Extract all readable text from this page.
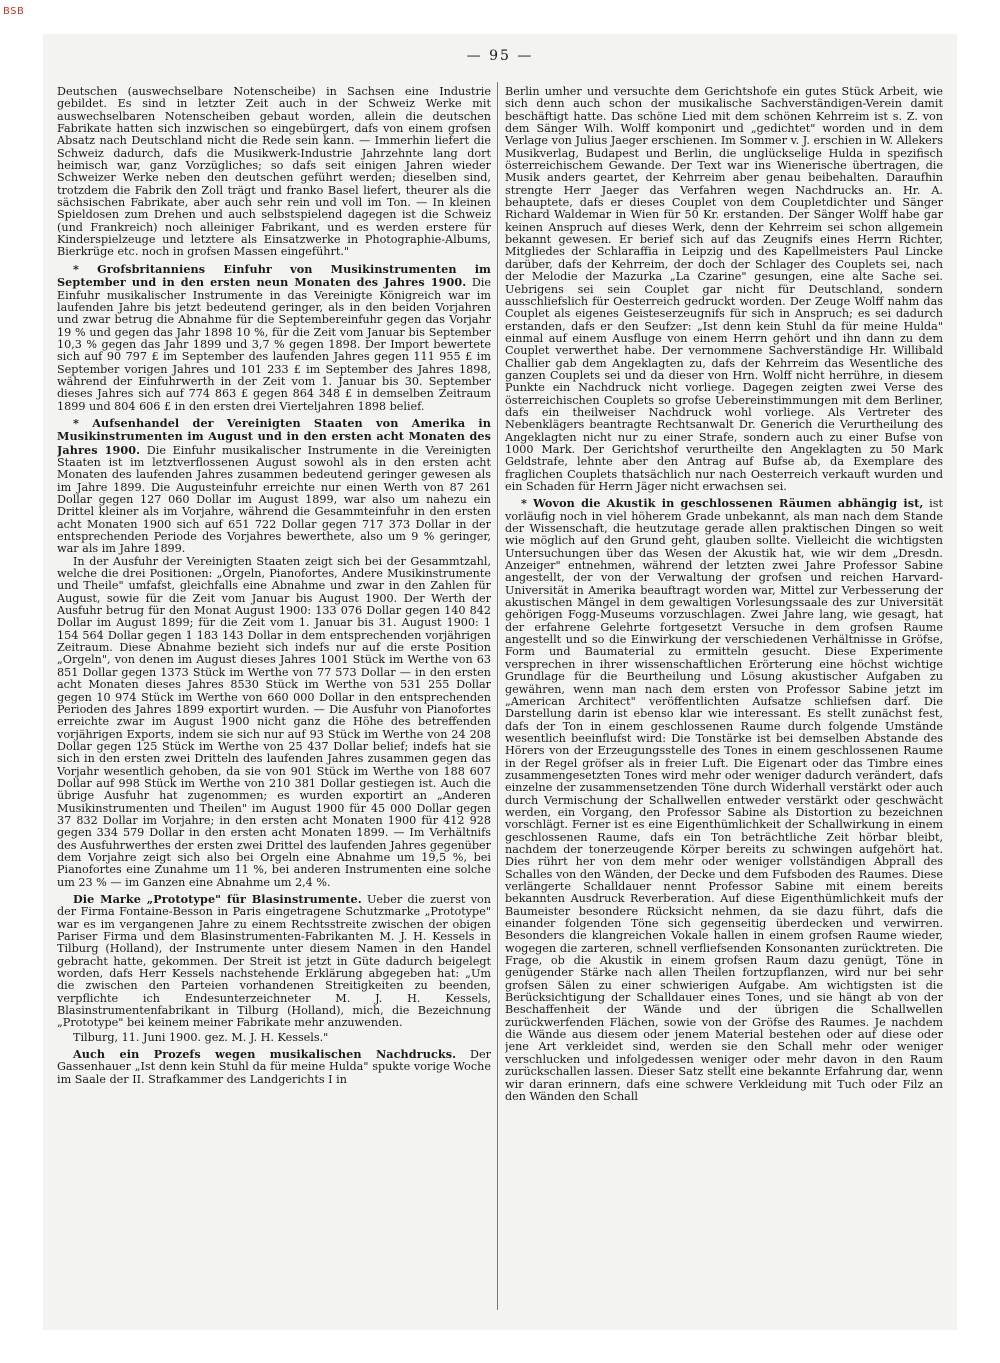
BSB
— 95 —

Deutschen (auswechselbare Notenscheibe) in Sachsen eine Industrie gebildet. Es sind in letzter Zeit auch in der Schweiz Werke mit auswechselbaren Notenscheiben gebaut worden, allein die deutschen Fabrikate hatten sich inzwischen so eingebürgert, dafs von einem grofsen Absatz nach Deutschland nicht die Rede sein kann. — Immerhin liefert die Schweiz dadurch, dafs die Musikwerk-Industrie Jahrzehnte lang dort heimisch war, ganz Vorzügliches; so dafs seit einigen Jahren wieder Schweizer Werke neben den deutschen geführt werden; dieselben sind, trotzdem die Fabrik den Zoll trägt und franko Basel liefert, theurer als die sächsischen Fabrikate, aber auch sehr rein und voll im Ton. — In kleinen Spieldosen zum Drehen und auch selbstspielend dagegen ist die Schweiz (und Frankreich) noch alleiniger Fabrikant, und es werden erstere für Kinderspielzeuge und letztere als Einsatzwerke in Photographie-Albums, Bierkrüge etc. noch in grofsen Massen eingeführt."

* Grofsbritanniens Einfuhr von Musikinstrumenten im September und in den ersten neun Monaten des Jahres 1900. Die Einfuhr musikalischer Instrumente in das Vereinigte Königreich war im laufenden Jahre bis jetzt bedeutend geringer, als in den beiden Vorjahren und zwar betrug die Abnahme für die Septembereinfuhr gegen das Vorjahr 19 % und gegen das Jahr 1898 10 %, für die Zeit vom Januar bis September 10,3 % gegen das Jahr 1899 und 3,7 % gegen 1898. Der Import bewertete sich auf 90 797 £ im September des laufenden Jahres gegen 111 955 £ im September vorigen Jahres und 101 233 £ im September des Jahres 1898, während der Einfuhrwerth in der Zeit vom 1. Januar bis 30. September dieses Jahres sich auf 774 863 £ gegen 864 348 £ in demselben Zeitraum 1899 und 804 606 £ in den ersten drei Vierteljahren 1898 belief.

* Aufsenhandel der Vereinigten Staaten von Amerika in Musikinstrumenten im August und in den ersten acht Monaten des Jahres 1900. Die Einfuhr musikalischer Instrumente in die Vereinigten Staaten ist im letztverflossenen August sowohl als in den ersten acht Monaten des laufenden Jahres zusammen bedeutend geringer gewesen als im Jahre 1899. Die Augusteinfuhr erreichte nur einen Werth von 87 261 Dollar gegen 127 060 Dollar im August 1899, war also um nahezu ein Drittel kleiner als im Vorjahre, während die Gesammteinfuhr in den ersten acht Monaten 1900 sich auf 651 722 Dollar gegen 717 373 Dollar in der entsprechenden Periode des Vorjahres bewerthete, also um 9 % geringer, war als im Jahre 1899.

In der Ausfuhr der Vereinigten Staaten zeigt sich bei der Gesammtzahl, welche die drei Positionen: „Orgeln, Pianofortes, Andere Musikinstrumente und Theile" umfafst, gleichfalls eine Abnahme und zwar in den Zahlen für August, sowie für die Zeit vom Januar bis August 1900. Der Werth der Ausfuhr betrug für den Monat August 1900: 133 076 Dollar gegen 140 842 Dollar im August 1899; für die Zeit vom 1. Januar bis 31. August 1900: 1 154 564 Dollar gegen 1 183 143 Dollar in dem entsprechenden vorjährigen Zeitraum. Diese Abnahme bezieht sich indefs nur auf die erste Position „Orgeln", von denen im August dieses Jahres 1001 Stück im Werthe von 63 851 Dollar gegen 1373 Stück im Werthe von 77 573 Dollar — in den ersten acht Monaten dieses Jahres 8530 Stück im Werthe von 531 255 Dollar gegen 10 974 Stück im Werthe von 660 000 Dollar in den entsprechenden Perioden des Jahres 1899 exportirt wurden. — Die Ausfuhr von Pianofortes erreichte zwar im August 1900 nicht ganz die Höhe des betreffenden vorjährigen Exports, indem sie sich nur auf 93 Stück im Werthe von 24 208 Dollar gegen 125 Stück im Werthe von 25 437 Dollar belief; indefs hat sie sich in den ersten zwei Dritteln des laufenden Jahres zusammen gegen das Vorjahr wesentlich gehoben, da sie von 901 Stück im Werthe von 188 607 Dollar auf 998 Stück im Werthe von 210 381 Dollar gestiegen ist. Auch die übrige Ausfuhr hat zugenommen; es wurden exportirt an „Anderen Musikinstrumenten und Theilen" im August 1900 für 45 000 Dollar gegen 37 832 Dollar im Vorjahre; in den ersten acht Monaten 1900 für 412 928 gegen 334 579 Dollar in den ersten acht Monaten 1899. — Im Verhältnifs des Ausfuhrwerthes der ersten zwei Drittel des laufenden Jahres gegenüber dem Vorjahre zeigt sich also bei Orgeln eine Abnahme um 19,5 %, bei Pianofortes eine Zunahme um 11 %, bei anderen Instrumenten eine solche um 23 % — im Ganzen eine Abnahme um 2,4 %.

Die Marke „Prototype" für Blasinstrumente. Ueber die zuerst von der Firma Fontaine-Besson in Paris eingetragene Schutzmarke „Prototype" war es im vergangenen Jahre zu einem Rechtsstreite zwischen der obigen Pariser Firma und dem Blasinstrumenten-Fabrikanten M. J. H. Kessels in Tilburg (Holland), der Instrumente unter diesem Namen in den Handel gebracht hatte, gekommen. Der Streit ist jetzt in Güte dadurch beigelegt worden, dafs Herr Kessels nachstehende Erklärung abgegeben hat: „Um die zwischen den Parteien vorhandenen Streitigkeiten zu beenden, verpflichte ich Endesunterzeichneter M. J. H. Kessels, Blasinstrumentenfabrikant in Tilburg (Holland), mich, die Bezeichnung „Prototype" bei keinem meiner Fabrikate mehr anzuwenden.

Tilburg, 11. Juni 1900. gez. M. J. H. Kessels."

Auch ein Prozefs wegen musikalischen Nachdrucks. Der Gassenhauer „Ist denn kein Stuhl da für meine Hulda" spukte vorige Woche im Saale der II. Strafkammer des Landgerichts I in

Berlin umher und versuchte dem Gerichtshofe ein gutes Stück Arbeit, wie sich denn auch schon der musikalische Sachverständigen-Verein damit beschäftigt hatte. Das schöne Lied mit dem schönen Kehrreim ist s. Z. von dem Sänger Wilh. Wolff komponirt und „gedichtet" worden und in dem Verlage von Julius Jaeger erschienen. Im Sommer v. J. erschien in W. Allekers Musikverlag, Budapest und Berlin, die unglückselige Hulda in spezifisch österreichischem Gewande. Der Text war ins Wienerische übertragen, die Musik anders geartet, der Kehrreim aber genau beibehalten. Daraufhin strengte Herr Jaeger das Verfahren wegen Nachdrucks an. Hr. A. behauptete, dafs er dieses Couplet von dem Coupletdichter und Sänger Richard Waldemar in Wien für 50 Kr. erstanden. Der Sänger Wolff habe gar keinen Anspruch auf dieses Werk, denn der Kehrreim sei schon allgemein bekannt gewesen. Er berief sich auf das Zeugnifs eines Herrn Richter, Mitgliedes der Schlaraffia in Leipzig und des Kapellmeisters Paul Lincke darüber, dafs der Kehrreim, der doch der Schlager des Couplets sei, nach der Melodie der Mazurka „La Czarine" gesungen, eine alte Sache sei. Uebrigens sei sein Couplet gar nicht für Deutschland, sondern ausschliefslich für Oesterreich gedruckt worden. Der Zeuge Wolff nahm das Couplet als eigenes Geisteserzeugnifs für sich in Anspruch; es sei dadurch erstanden, dafs er den Seufzer: „Ist denn kein Stuhl da für meine Hulda" einmal auf einem Ausfluge von einem Herrn gehört und ihn dann zu dem Couplet verwerthet habe. Der vernommene Sachverständige Hr. Willibald Challier gab dem Angeklagten zu, dafs der Kehrreim das Wesentliche des ganzen Couplets sei und da dieser von Hrn. Wolff nicht herrühre, in diesem Punkte ein Nachdruck nicht vorliege. Dagegen zeigten zwei Verse des österreichischen Couplets so grofse Uebereinstimmungen mit dem Berliner, dafs ein theilweiser Nachdruck wohl vorliege. Als Vertreter des Nebenklägers beantragte Rechtsanwalt Dr. Generich die Verurtheilung des Angeklagten nicht nur zu einer Strafe, sondern auch zu einer Bufse von 1000 Mark. Der Gerichtshof verurtheilte den Angeklagten zu 50 Mark Geldstrafe, lehnte aber den Antrag auf Bufse ab, da Exemplare des fraglichen Couplets thatsächlich nur nach Oesterreich verkauft wurden und ein Schaden für Herrn Jäger nicht erwachsen sei.

* Wovon die Akustik in geschlossenen Räumen abhängig ist, ist vorläufig noch in viel höherem Grade unbekannt, als man nach dem Stande der Wissenschaft, die heutzutage gerade allen praktischen Dingen so weit wie möglich auf den Grund geht, glauben sollte. Vielleicht die wichtigsten Untersuchungen über das Wesen der Akustik hat, wie wir dem „Dresdn. Anzeiger" entnehmen, während der letzten zwei Jahre Professor Sabine angestellt, der von der Verwaltung der grofsen und reichen Harvard-Universität in Amerika beauftragt worden war, Mittel zur Verbesserung der akustischen Mängel in dem gewaltigen Vorlesungssaale des zur Universität gehörigen Fogg-Museums vorzuschlagen. Zwei Jahre lang, wie gesagt, hat der erfahrene Gelehrte fortgesetzt Versuche in dem grofsen Raume angestellt und so die Einwirkung der verschiedenen Verhältnisse in Gröfse, Form und Baumaterial zu ermitteln gesucht. Diese Experimente versprechen in ihrer wissenschaftlichen Erörterung eine höchst wichtige Grundlage für die Beurtheilung und Lösung akustischer Aufgaben zu gewähren, wenn man nach dem ersten von Professor Sabine jetzt im „American Architect" veröffentlichten Aufsatze schliefsen darf. Die Darstellung darin ist ebenso klar wie interessant. Es stellt zunächst fest, dafs der Ton in einem geschlossenen Raume durch folgende Umstände wesentlich beeinflufst wird: Die Tonstärke ist bei demselben Abstande des Hörers von der Erzeugungsstelle des Tones in einem geschlossenen Raume in der Regel gröfser als in freier Luft. Die Eigenart oder das Timbre eines zusammengesetzten Tones wird mehr oder weniger dadurch verändert, dafs einzelne der zusammensetzenden Töne durch Widerhall verstärkt oder auch durch Vermischung der Schallwellen entweder verstärkt oder geschwächt werden, ein Vorgang, den Professor Sabine als Distortion zu bezeichnen vorschlägt. Ferner ist es eine Eigenthümlichkeit der Schallwirkung in einem geschlossenen Raume, dafs ein Ton beträchtliche Zeit hörbar bleibt, nachdem der tonerzeugende Körper bereits zu schwingen aufgehört hat. Dies rührt her von dem mehr oder weniger vollständigen Abprall des Schalles von den Wänden, der Decke und dem Fufsboden des Raumes. Diese verlängerte Schalldauer nennt Professor Sabine mit einem bereits bekannten Ausdruck Reverberation. Auf diese Eigenthümlichkeit mufs der Baumeister besondere Rücksicht nehmen, da sie dazu führt, dafs die einander folgenden Töne sich gegenseitig überdecken und verwirren. Besonders die klangreichen Vokale hallen in einem grofsen Raume wieder, wogegen die zarteren, schnell verfliefsenden Konsonanten zurücktreten. Die Frage, ob die Akustik in einem grofsen Raum dazu genügt, Töne in genügender Stärke nach allen Theilen fortzupflanzen, wird nur bei sehr grofsen Sälen zu einer schwierigen Aufgabe. Am wichtigsten ist die Berücksichtigung der Schalldauer eines Tones, und sie hängt ab von der Beschaffenheit der Wände und der übrigen die Schallwellen zurückwerfenden Flächen, sowie von der Gröfse des Raumes. Je nachdem die Wände aus diesem oder jenem Material bestehen oder auf diese oder jene Art verkleidet sind, werden sie den Schall mehr oder weniger verschlucken und infolgedessen weniger oder mehr davon in den Raum zurückschallen lassen. Dieser Satz stellt eine bekannte Erfahrung dar, wenn wir daran erinnern, dafs eine schwere Verkleidung mit Tuch oder Filz an den Wänden den Schall
